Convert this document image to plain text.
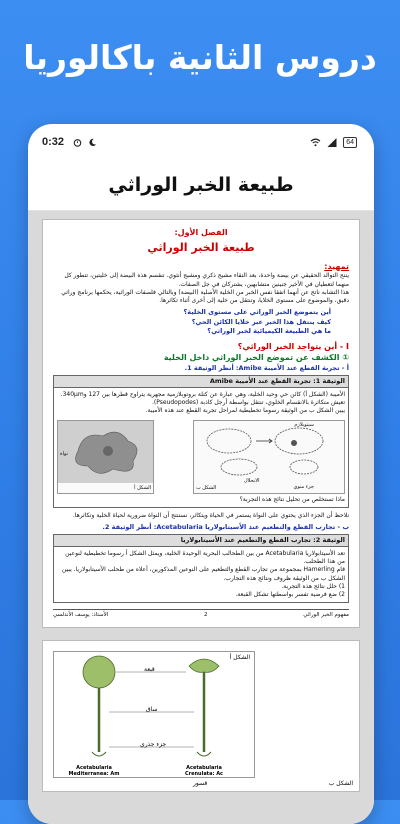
دروس الثانية باكالوريا
0:32	64
طبيعة الخبر الوراثي
الفصل الأول:
طبيعة الخبر الوراثي
تمهيد:
ينتج التوالد الحقيقي عن بيضة واحدة، بعد التقاء مشيج ذكري ومشيج أنثوي. تنقسم هذه البيضة إلى خليتين، تتطور كل منهما لتعطيان في الأخير جنينين متشابهين، يشتركان في جل الصفات.
هذا التشابه ناتج عن أنهما اتفقا نفس الخبر من الخلية الأصلية (البيضة) وبالتالي فلصفات الوراثية، يحكمها برنامج وراثي دقيق، والموضوع على مستوى الخلايا، وتنتقل من خلية إلى أخرى أثناء تكاثرها.
أين يتموضع الخبر الوراثي على مستوى الخلية؟
كيف ينتقل هذا الخبر عبر خلايا الكائن الحي؟
ما هي الطبيعة الكيميائية لخبر الوراثي؟
I - أين يتواجد الخبر الوراثي؟
① الكشف عن تموضع الخبر الوراثي داخل الخلية
أ - تجربة القطع عند الأميبة Amibe: أنظر الوثيقة 1.
الوثيقة 1: تجربة القطع عند الأميبة Amibe
الأميبة (الشكل أ) كائن حي وحيد الخلية، وهي عبارة عن كتلة بروتوبلازمية مجهرية يتراوح قطرها بين 127 و340μm. تعيش متكاثرة بالانقسام الخلوي، تنتقل بواسطة أرجل كاذبة (Pseudopodes).
يبين الشكل ب من الوثيقة رسوما تخطيطية لمراحل تجربة القطع عند هذه الأميبة.
الشكل ب
سيتوبلازم
جزء منوي
الانحلال
الشكل أ
نواة
ماذا تستخلص من تحليل نتائج هذه التجربة؟
نلاحظ أن الجزء الذي يحتوي على النواة يستمر في الحياة ويتكاثر، نستنتج أن النواة ضرورية لحياة الخلية وتكاثرها.
ب - تجارب القطع والتطعيم عند الأسيتابولاريا Acetabularia: أنظر الوثيقة 2.
الوثيقة 2: تجارب القطع والتطعيم عند الأسيتابولاريا
تعد الأسيتابولاريا Acetabularia من بين الطحالب البحرية الوحيدة الخلية، ويمثل الشكل أ رسوما تخطيطية لنوعين من هذا الطحلب.
قام Hamerling بمجموعة من تجارب القطع والتطعيم على النوعين المذكورين، أعلاه من طحلب الأسيتابولاريا. يبين الشكل ب من الوثيقة ظروف ونتائج هذه التجارب.
1) حلل نتائج هذه التجربة.
2) ضع فرضية تفسر بواسطتها تشكل القبعة.
مفهوم الخبر الوراثي
2
الأستاذ: يوسف الأندلسي
الشكل أ
قبعة
ساق
جزء جذري
Acetabularia Mediterranea: Am
Acetabularia Crenulata: Ac
الشكل ب
قسور
